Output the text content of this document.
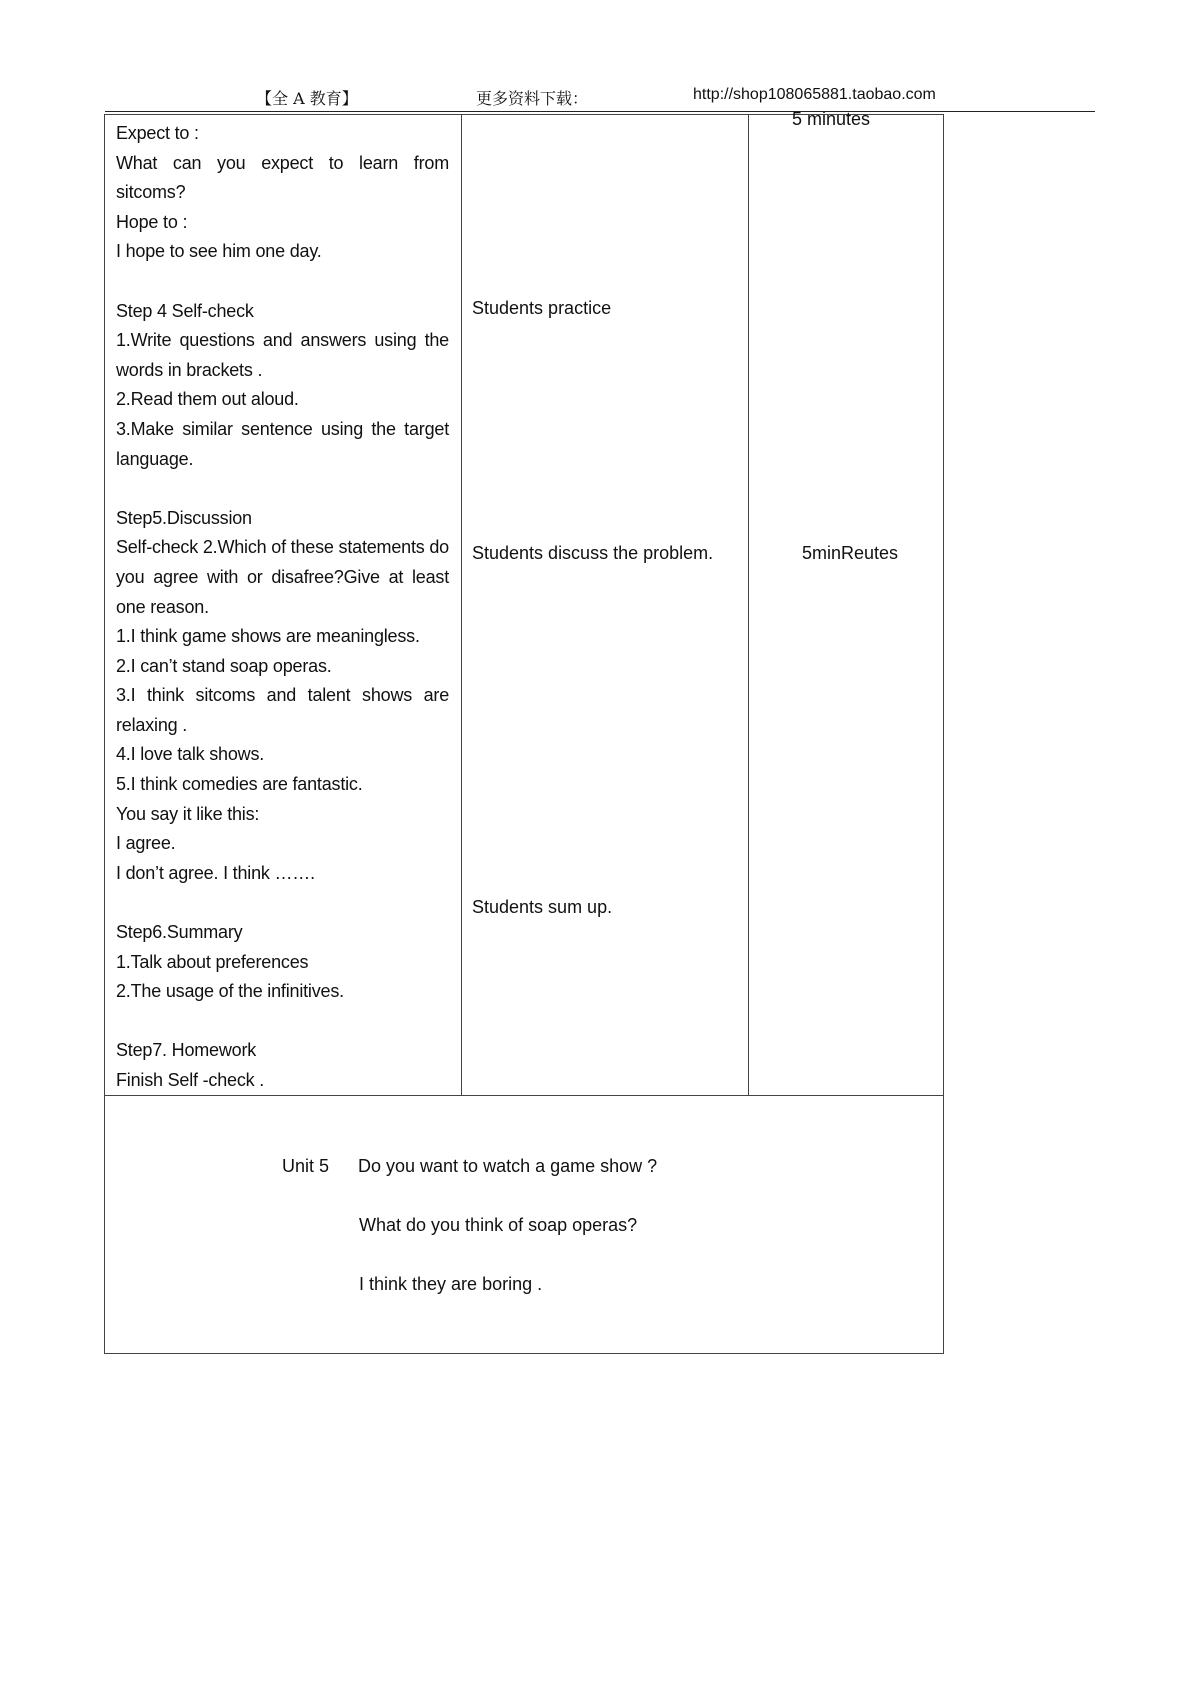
【全 A 教育】	更多资料下载：	http://shop108065881.taobao.com
Expect to :
What can you expect to learn from
sitcoms?
Hope to :
I hope to see him one day.
Step 4 Self-check
1.Write questions and answers using the
words in brackets .
2.Read them out aloud.
3.Make similar sentence using the target
language.
Step5.Discussion
Self-check 2.Which of these statements do
you agree with or disafree?Give at least
one reason.
1.I think game shows are meaningless.
2.I can’t stand soap operas.
3.I think sitcoms and talent shows are
relaxing .
4.I love talk shows.
5.I think comedies are fantastic.
You say it like this:
I agree.
I don’t agree. I think …….
Step6.Summary
1.Talk about preferences
2.The usage of the infinitives.
Step7. Homework
Finish Self -check .
Students practice
Students discuss the problem.
Students sum up.
5 minutes
5minReutes
Unit 5 Do you want to watch a game show ?
What do you think of soap operas?
I think they are boring .
